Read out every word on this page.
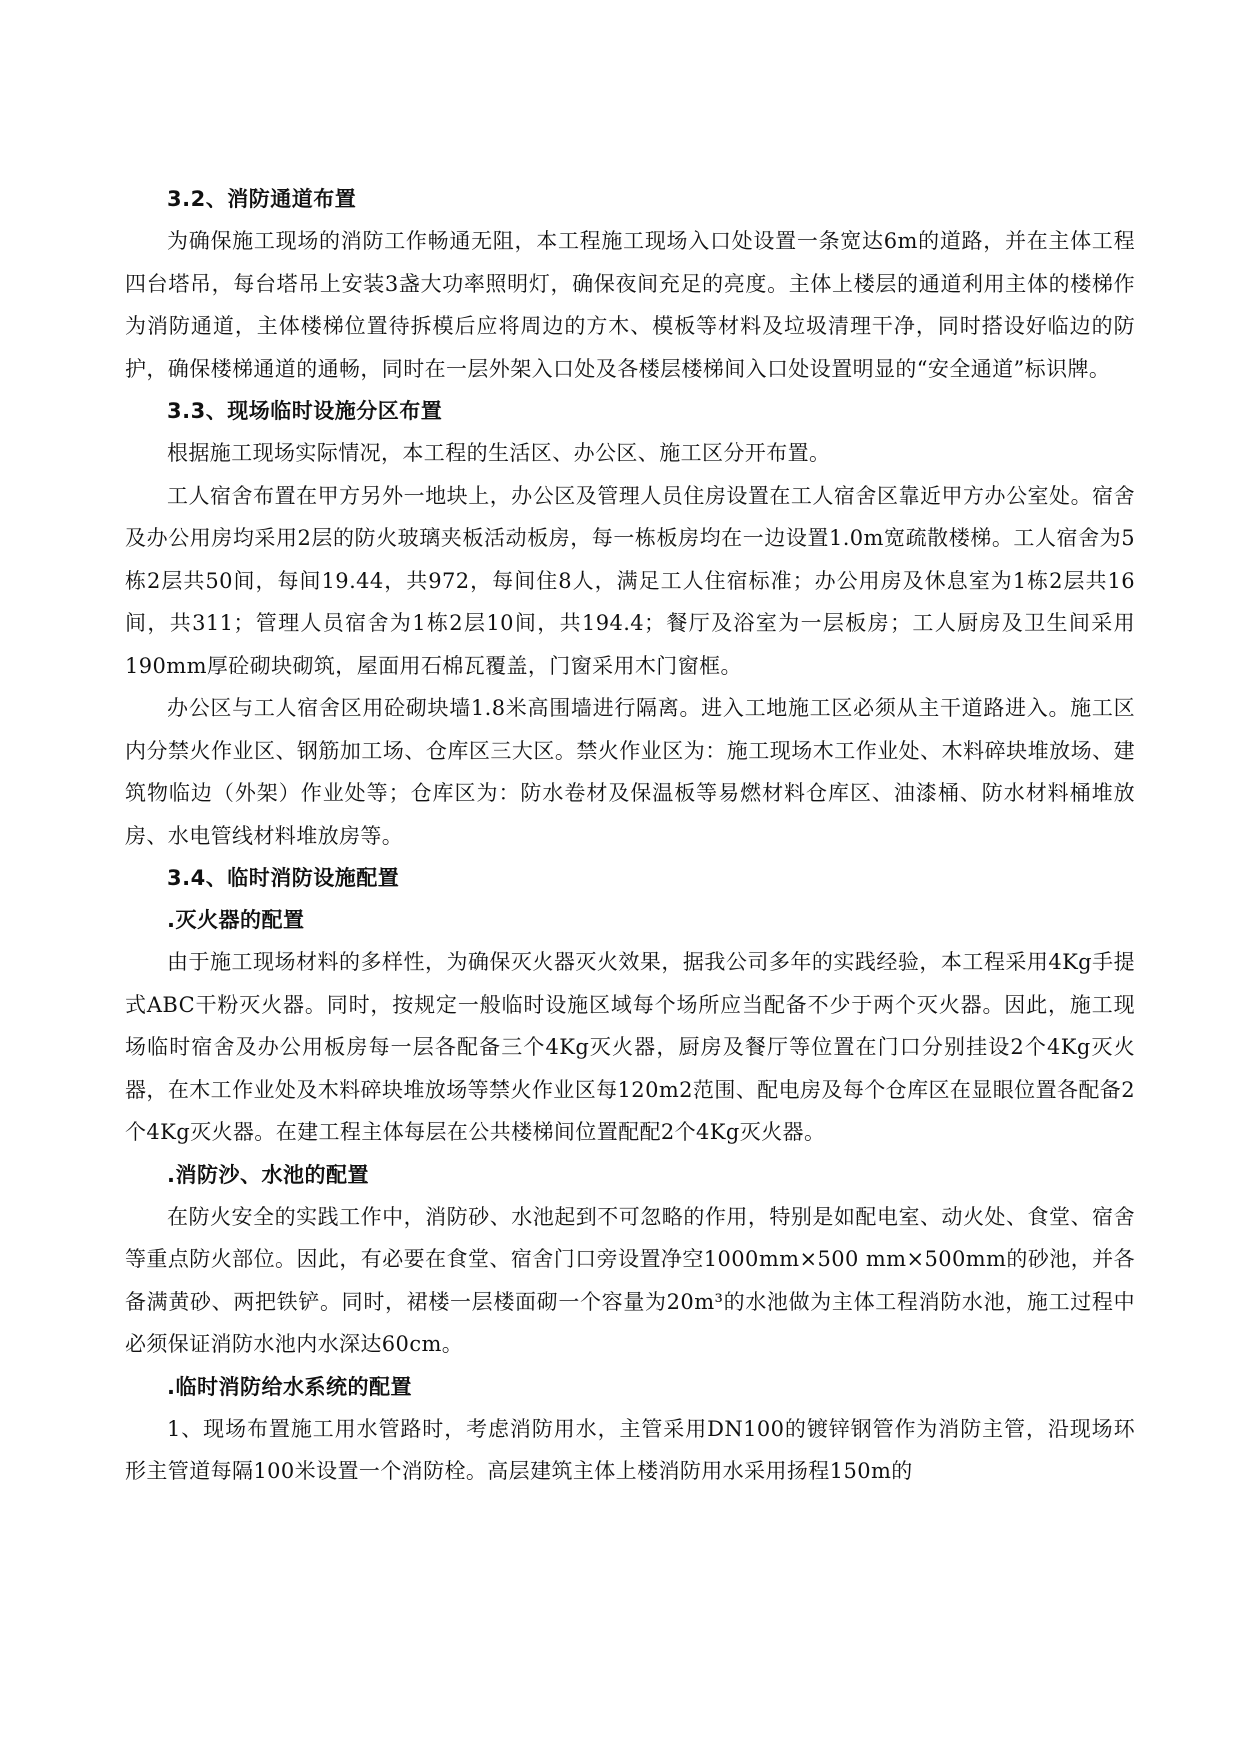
3.2、消防通道布置

为确保施工现场的消防工作畅通无阻，本工程施工现场入口处设置一条宽达6m的道路，并在主体工程四台塔吊，每台塔吊上安装3盏大功率照明灯，确保夜间充足的亮度。主体上楼层的通道利用主体的楼梯作为消防通道，主体楼梯位置待拆模后应将周边的方木、模板等材料及垃圾清理干净，同时搭设好临边的防护，确保楼梯通道的通畅，同时在一层外架入口处及各楼层楼梯间入口处设置明显的“安全通道”标识牌。

3.3、现场临时设施分区布置

根据施工现场实际情况，本工程的生活区、办公区、施工区分开布置。

工人宿舍布置在甲方另外一地块上，办公区及管理人员住房设置在工人宿舍区靠近甲方办公室处。宿舍及办公用房均采用2层的防火玻璃夹板活动板房，每一栋板房均在一边设置1.0m宽疏散楼梯。工人宿舍为5栋2层共50间，每间19.44，共972，每间住8人，满足工人住宿标准；办公用房及休息室为1栋2层共16间，共311；管理人员宿舍为1栋2层10间，共194.4；餐厅及浴室为一层板房；工人厨房及卫生间采用190mm厚砼砌块砌筑，屋面用石棉瓦覆盖，门窗采用木门窗框。

办公区与工人宿舍区用砼砌块墙1.8米高围墙进行隔离。进入工地施工区必须从主干道路进入。施工区内分禁火作业区、钢筋加工场、仓库区三大区。禁火作业区为：施工现场木工作业处、木料碎块堆放场、建筑物临边（外架）作业处等；仓库区为：防水卷材及保温板等易燃材料仓库区、油漆桶、防水材料桶堆放房、水电管线材料堆放房等。

3.4、临时消防设施配置
.灭火器的配置

由于施工现场材料的多样性，为确保灭火器灭火效果，据我公司多年的实践经验，本工程采用4Kg手提式ABC干粉灭火器。同时，按规定一般临时设施区域每个场所应当配备不少于两个灭火器。因此，施工现场临时宿舍及办公用板房每一层各配备三个4Kg灭火器，厨房及餐厅等位置在门口分别挂设2个4Kg灭火器，在木工作业处及木料碎块堆放场等禁火作业区每120m2范围、配电房及每个仓库区在显眼位置各配备2个4Kg灭火器。在建工程主体每层在公共楼梯间位置配配2个4Kg灭火器。

.消防沙、水池的配置

在防火安全的实践工作中，消防砂、水池起到不可忽略的作用，特别是如配电室、动火处、食堂、宿舍等重点防火部位。因此，有必要在食堂、宿舍门口旁设置净空1000mm×500 mm×500mm的砂池，并各备满黄砂、两把铁铲。同时，裙楼一层楼面砌一个容量为20m³的水池做为主体工程消防水池，施工过程中必须保证消防水池内水深达60cm。

.临时消防给水系统的配置

1、现场布置施工用水管路时，考虑消防用水，主管采用DN100的镀锌钢管作为消防主管，沿现场环形主管道每隔100米设置一个消防栓。高层建筑主体上楼消防用水采用扬程150m的
